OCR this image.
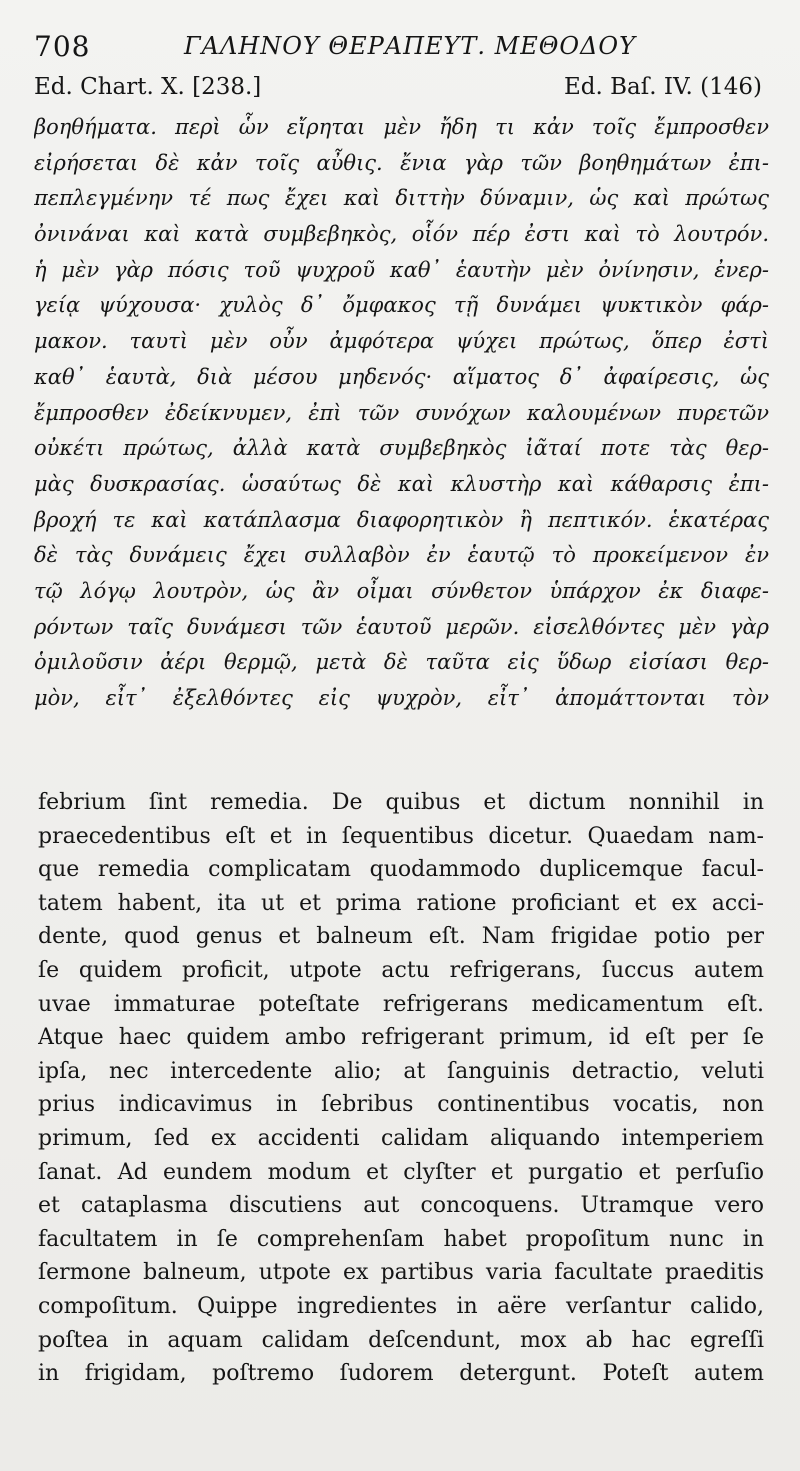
708	ΓΑΛΗΝΟΥ ΘΕΡΑΠΕΥΤ. ΜΕΘΟΔΟΥ
Ed. Chart. X. [238.]	Ed. Baſ. IV. (146)
βοηθήματα. περὶ ὧν εἴρηται μὲν ἤδη τι κἀν τοῖς ἔμπροσθεν
εἰρήσεται δὲ κἀν τοῖς αὖθις. ἔνια γὰρ τῶν βοηθημάτων ἐπι-
πεπλεγμένην τέ πως ἔχει καὶ διττὴν δύναμιν, ὡς καὶ πρώτως
ὀνινάναι καὶ κατὰ συμβεβηκὸς, οἷόν πέρ ἐστι καὶ τὸ λουτρόν.
ἡ μὲν γὰρ πόσις τοῦ ψυχροῦ καθ᾿ ἑαυτὴν μὲν ὀνίνησιν, ἐνερ-
γείᾳ ψύχουσα· χυλὸς δ᾿ ὄμφακος τῇ δυνάμει ψυκτικὸν φάρ-
μακον. ταυτὶ μὲν οὖν ἀμφότερα ψύχει πρώτως, ὅπερ ἐστὶ
καθ᾿ ἑαυτὰ, διὰ μέσου μηδενός· αἵματος δ᾿ ἀφαίρεσις, ὡς
ἔμπροσθεν ἐδείκνυμεν, ἐπὶ τῶν συνόχων καλουμένων πυρετῶν
οὐκέτι πρώτως, ἀλλὰ κατὰ συμβεβηκὸς ἰᾶταί ποτε τὰς θερ-
μὰς δυσκρασίας. ὡσαύτως δὲ καὶ κλυστὴρ καὶ κάθαρσις ἐπι-
βροχή τε καὶ κατάπλασμα διαφορητικὸν ἢ πεπτικόν. ἑκατέρας
δὲ τὰς δυνάμεις ἔχει συλλαβὸν ἐν ἑαυτῷ τὸ προκείμενον ἐν
τῷ λόγῳ λουτρὸν, ὡς ἂν οἶμαι σύνθετον ὑπάρχον ἐκ διαφε-
ρόντων ταῖς δυνάμεσι τῶν ἑαυτοῦ μερῶν. εἰσελθόντες μὲν γὰρ
ὁμιλοῦσιν ἀέρι θερμῷ, μετὰ δὲ ταῦτα εἰς ὕδωρ εἰσίασι θερ-
μὸν, εἶτ᾿ ἐξελθόντες εἰς ψυχρὸν, εἶτ᾿ ἀπομάττονται τὸν
febrium ſint remedia. De quibus et dictum nonnihil in
praecedentibus eſt et in ſequentibus dicetur. Quaedam nam-
que remedia complicatam quodammodo duplicemque facul-
tatem habent, ita ut et prima ratione proficiant et ex acci-
dente, quod genus et balneum eſt. Nam frigidae potio per
ſe quidem proficit, utpote actu refrigerans, ſuccus autem
uvae immaturae poteſtate refrigerans medicamentum eſt.
Atque haec quidem ambo refrigerant primum, id eſt per ſe
ipſa, nec intercedente alio; at ſanguinis detractio, veluti
prius indicavimus in ſebribus continentibus vocatis, non
primum, ſed ex accidenti calidam aliquando intemperiem
ſanat. Ad eundem modum et clyſter et purgatio et perſuſio
et cataplasma discutiens aut concoquens. Utramque vero
facultatem in ſe comprehenſam habet propoſitum nunc in
ſermone balneum, utpote ex partibus varia facultate praeditis
compoſitum. Quippe ingredientes in aëre verſantur calido,
poſtea in aquam calidam deſcendunt, mox ab hac egreſſi
in frigidam, poſtremo ſudorem detergunt. Poteſt autem
